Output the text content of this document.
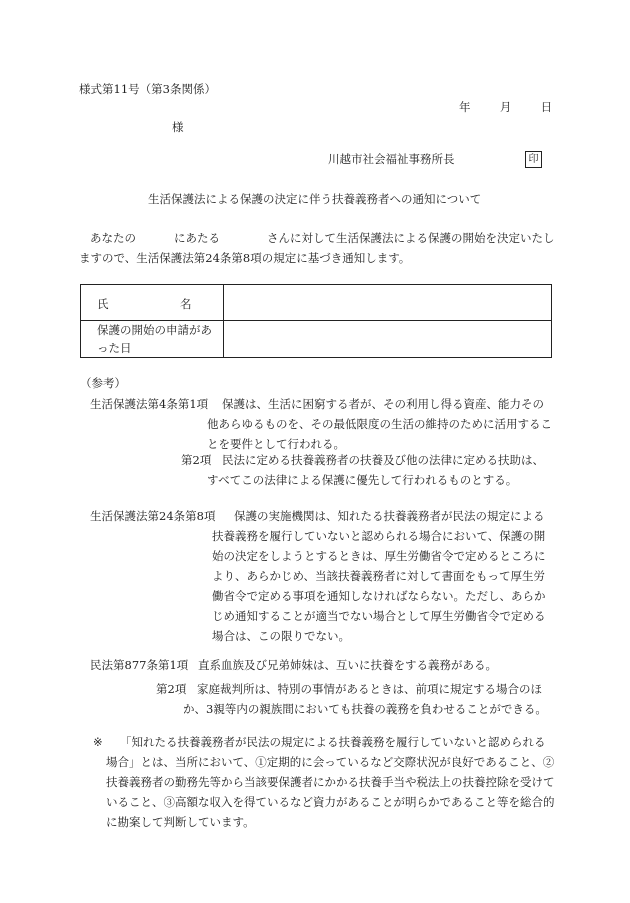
様式第11号（第3条関係）
年	月	日
様
川越市社会福祉事務所長	印
生活保護法による保護の決定に伴う扶養義務者への通知について
あなたの	にあたる	さんに対して生活保護法による保護の開始を決定いたしますので、生活保護法第24条第8項の規定に基づき通知します。
氏 名	

保護の開始の申請があった日	
（参考）
生活保護法第4条第1項	保護は、生活に困窮する者が、その利用し得る資産、能力その他あらゆるものを、その最低限度の生活の維持のために活用することを要件として行われる。
第2項 民法に定める扶養義務者の扶養及び他の法律に定める扶助は、すべてこの法律による保護に優先して行われるものとする。
生活保護法第24条第8項	保護の実施機関は、知れたる扶養義務者が民法の規定による扶養義務を履行していないと認められる場合において、保護の開始の決定をしようとするときは、厚生労働省令で定めるところにより、あらかじめ、当該扶養義務者に対して書面をもって厚生労働省令で定める事項を通知しなければならない。ただし、あらかじめ通知することが適当でない場合として厚生労働省令で定める場合は、この限りでない。
民法第877条第1項 直系血族及び兄弟姉妹は、互いに扶養をする義務がある。
第2項 家庭裁判所は、特別の事情があるときは、前項に規定する場合のほか、3親等内の親族間においても扶養の義務を負わせることができる。
※	「知れたる扶養義務者が民法の規定による扶養義務を履行していないと認められる場合」とは、当所において、①定期的に会っているなど交際状況が良好であること、②扶養義務者の勤務先等から当該要保護者にかかる扶養手当や税法上の扶養控除を受けていること、③高額な収入を得ているなど資力があることが明らかであること等を総合的に勘案して判断しています。
